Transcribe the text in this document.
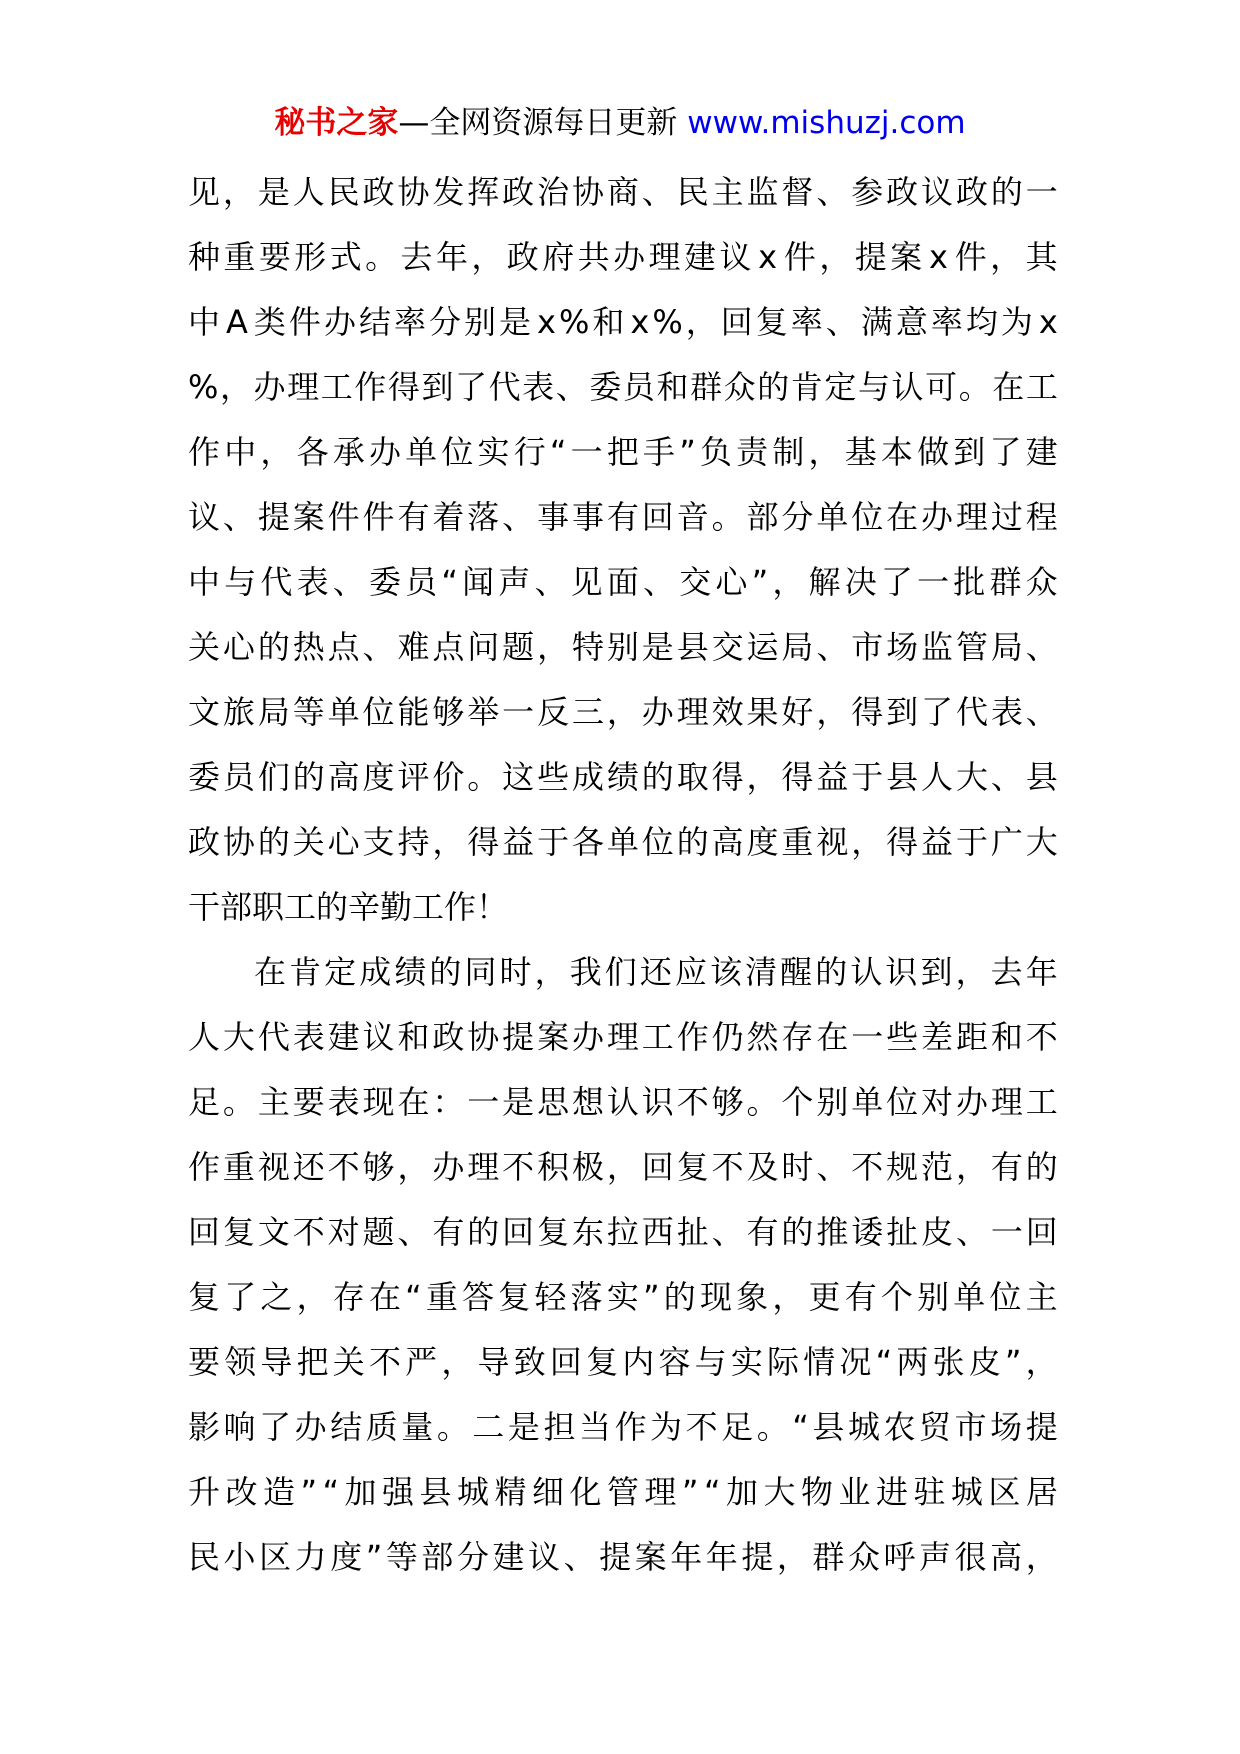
秘书之家—全网资源每日更新 www.mishuzj.com
见 ， 是 人 民 政 协 发 挥 政 治 协 商 、 民 主 监 督 、 参 政 议 政 的 一
种 重 要 形 式 。 去 年 ， 政 府 共 办 理 建 议 x 件 ， 提 案 x 件 ， 其
中 A 类 件 办 结 率 分 别 是 x % 和 x % ， 回 复 率 、 满 意 率 均 为 x
% ， 办 理 工 作 得 到 了 代 表 、 委 员 和 群 众 的 肯 定 与 认 可 。 在 工
作 中 ， 各 承 办 单 位 实 行 “ 一 把 手 ” 负 责 制 ， 基 本 做 到 了 建
议 、 提 案 件 件 有 着 落 、 事 事 有 回 音 。 部 分 单 位 在 办 理 过 程
中 与 代 表 、 委 员 “ 闻 声 、 见 面 、 交 心 ” ， 解 决 了 一 批 群 众
关 心 的 热 点 、 难 点 问 题 ， 特 别 是 县 交 运 局 、 市 场 监 管 局 、
文 旅 局 等 单 位 能 够 举 一 反 三 ， 办 理 效 果 好 ， 得 到 了 代 表 、
委 员 们 的 高 度 评 价 。 这 些 成 绩 的 取 得 ， 得 益 于 县 人 大 、 县
政 协 的 关 心 支 持 ， 得 益 于 各 单 位 的 高 度 重 视 ， 得 益 于 广 大
干部职工的辛勤工作！
在 肯 定 成 绩 的 同 时 ， 我 们 还 应 该 清 醒 的 认 识 到 ， 去 年
人 大 代 表 建 议 和 政 协 提 案 办 理 工 作 仍 然 存 在 一 些 差 距 和 不
足 。 主 要 表 现 在 ： 一 是 思 想 认 识 不 够 。 个 别 单 位 对 办 理 工
作 重 视 还 不 够 ， 办 理 不 积 极 ， 回 复 不 及 时 、 不 规 范 ， 有 的
回 复 文 不 对 题 、 有 的 回 复 东 拉 西 扯 、 有 的 推 诿 扯 皮 、 一 回
复 了 之 ， 存 在 “ 重 答 复 轻 落 实 ” 的 现 象 ， 更 有 个 别 单 位 主
要 领 导 把 关 不 严 ， 导 致 回 复 内 容 与 实 际 情 况 “ 两 张 皮 ” ，
影 响 了 办 结 质 量 。 二 是 担 当 作 为 不 足 。 “ 县 城 农 贸 市 场 提
升 改 造 ” “ 加 强 县 城 精 细 化 管 理 ” “ 加 大 物 业 进 驻 城 区 居
民 小 区 力 度 ” 等 部 分 建 议 、 提 案 年 年 提 ， 群 众 呼 声 很 高 ，
